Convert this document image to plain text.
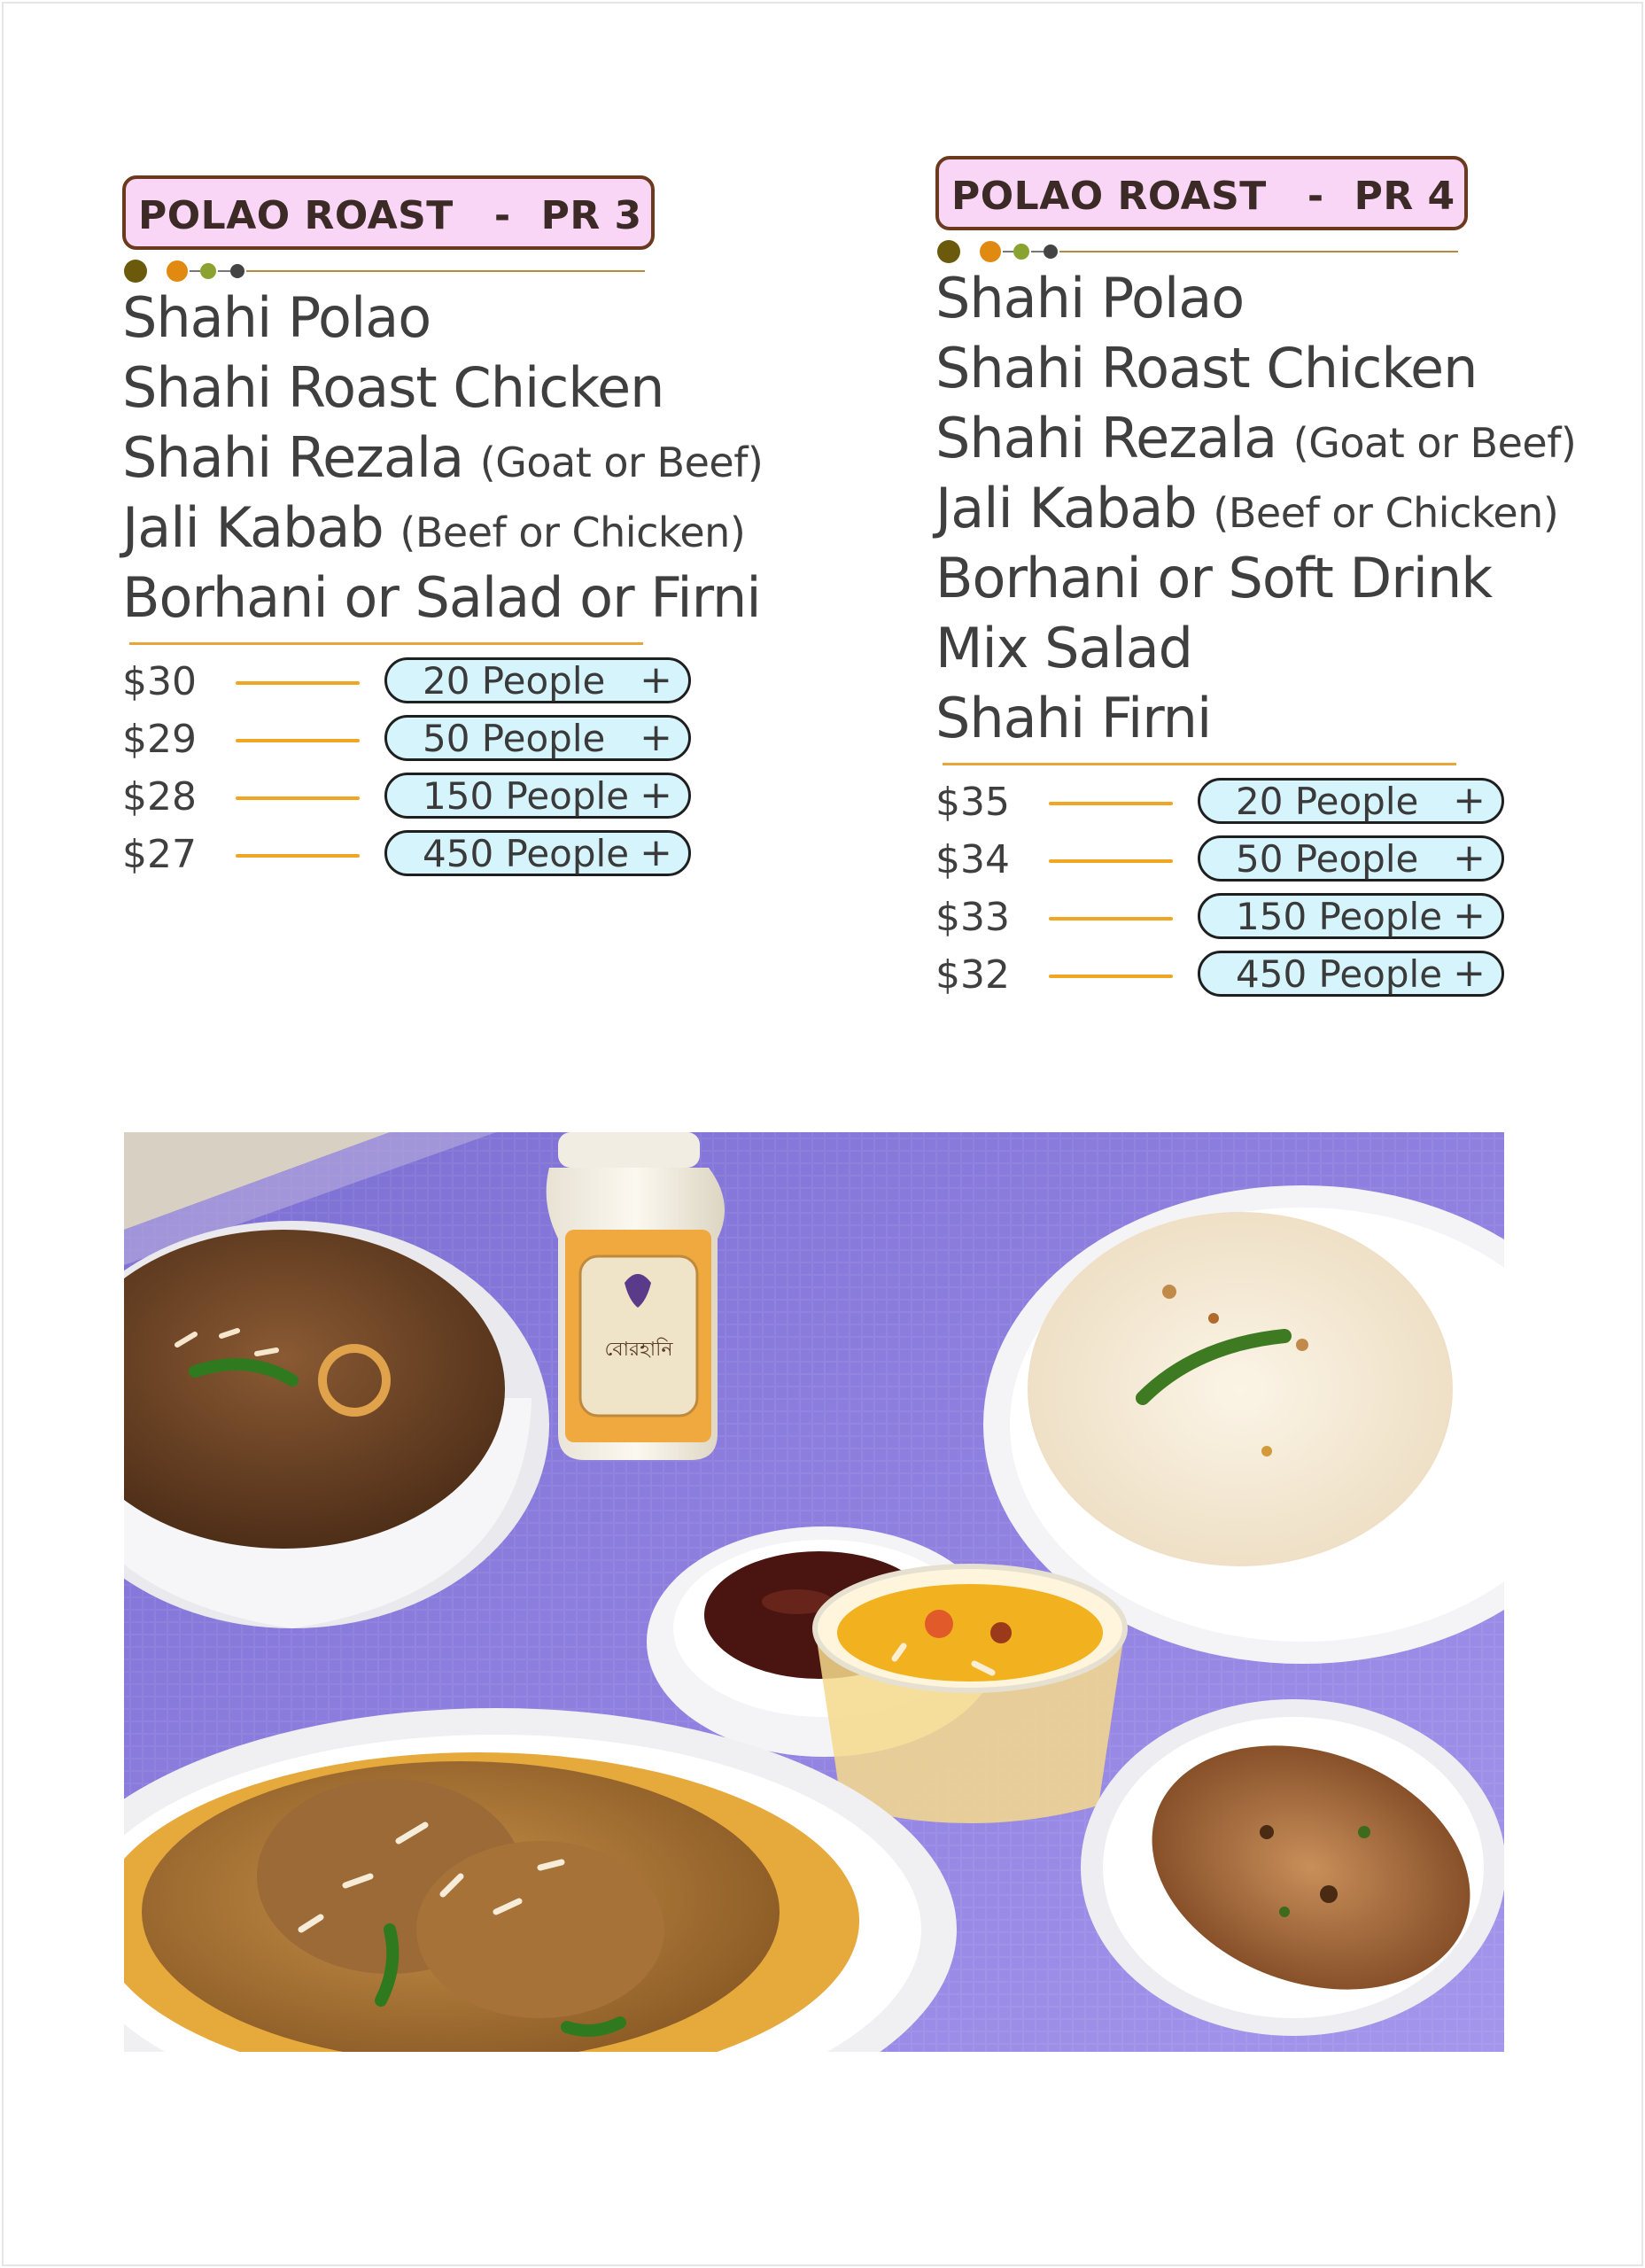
POLAO ROAST - PR 3
Shahi Polao
Shahi Roast Chicken
Shahi Rezala (Goat or Beef)
Jali Kabab (Beef or Chicken)
Borhani or Salad or Firni
$30	20 People +
$29	50 People +
$28	150 People +
$27	450 People +
POLAO ROAST - PR 4
Shahi Polao
Shahi Roast Chicken
Shahi Rezala (Goat or Beef)
Jali Kabab (Beef or Chicken)
Borhani or Soft Drink
Mix Salad
Shahi Firni
$35	20 People +
$34	50 People +
$33	150 People +
$32	450 People +
বোরহানি
